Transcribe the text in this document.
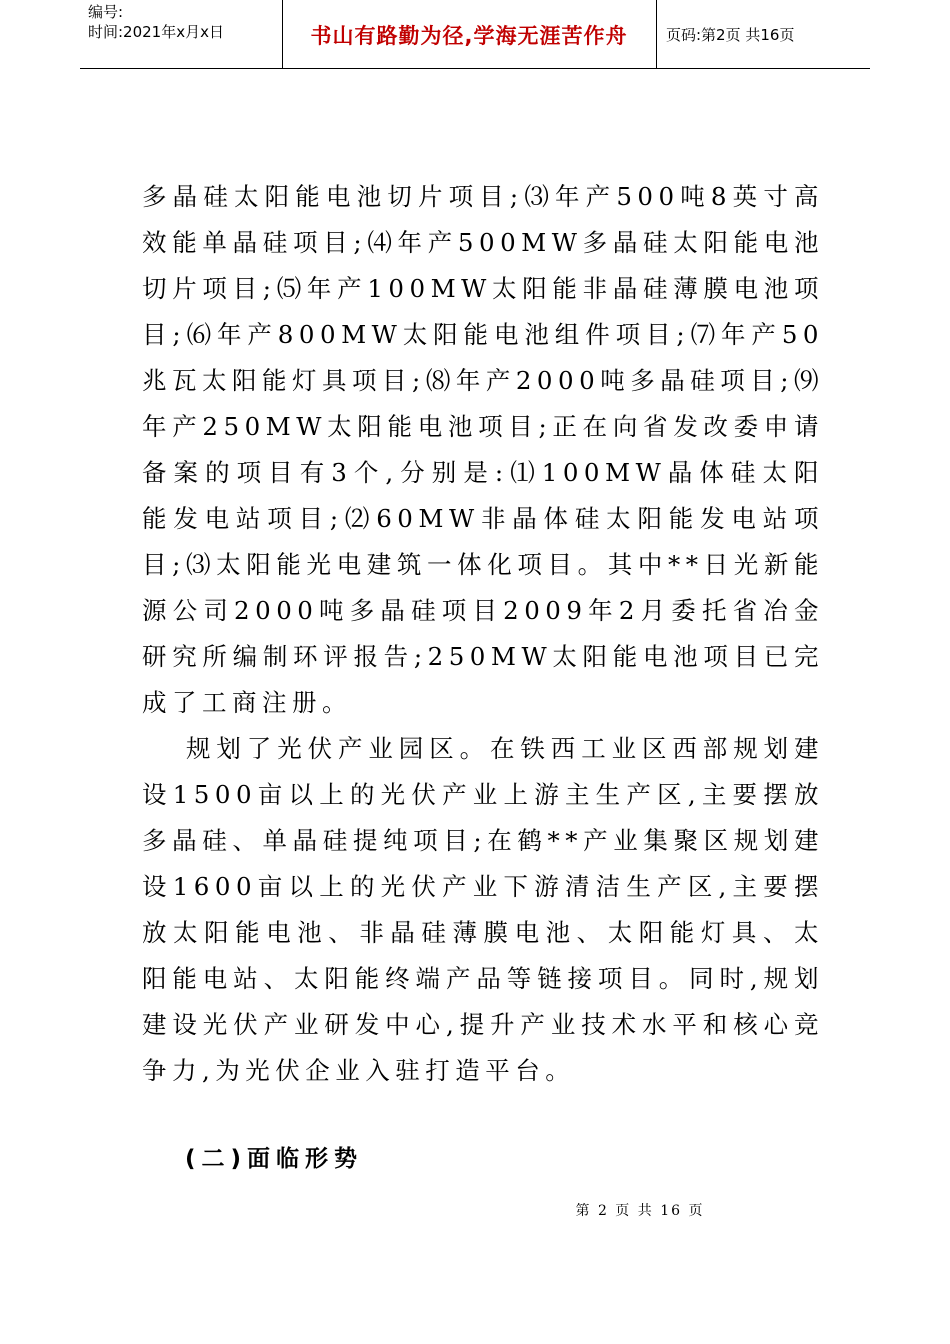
编号:
时间:2021年x月x日	书山有路勤为径,学海无涯苦作舟	页码:第2页 共16页

多晶硅太阳能电池切片项目;⑶年产500吨8英寸高效能单晶硅项目;⑷年产500MW多晶硅太阳能电池切片项目;⑸年产100MW太阳能非晶硅薄膜电池项目;⑹年产800MW太阳能电池组件项目;⑺年产50兆瓦太阳能灯具项目;⑻年产2000吨多晶硅项目;⑼年产250MW太阳能电池项目;正在向省发改委申请备案的项目有3个,分别是:⑴100MW晶体硅太阳能发电站项目;⑵60MW非晶体硅太阳能发电站项目;⑶太阳能光电建筑一体化项目。其中**日光新能源公司2000吨多晶硅项目2009年2月委托省冶金研究所编制环评报告;250MW太阳能电池项目已完成了工商注册。

规划了光伏产业园区。在铁西工业区西部规划建设1500亩以上的光伏产业上游主生产区,主要摆放多晶硅、单晶硅提纯项目;在鹤**产业集聚区规划建设1600亩以上的光伏产业下游清洁生产区,主要摆放太阳能电池、非晶硅薄膜电池、太阳能灯具、太阳能电站、太阳能终端产品等链接项目。同时,规划建设光伏产业研发中心,提升产业技术水平和核心竞争力,为光伏企业入驻打造平台。

(二)面临形势
第 2 页 共 16 页
